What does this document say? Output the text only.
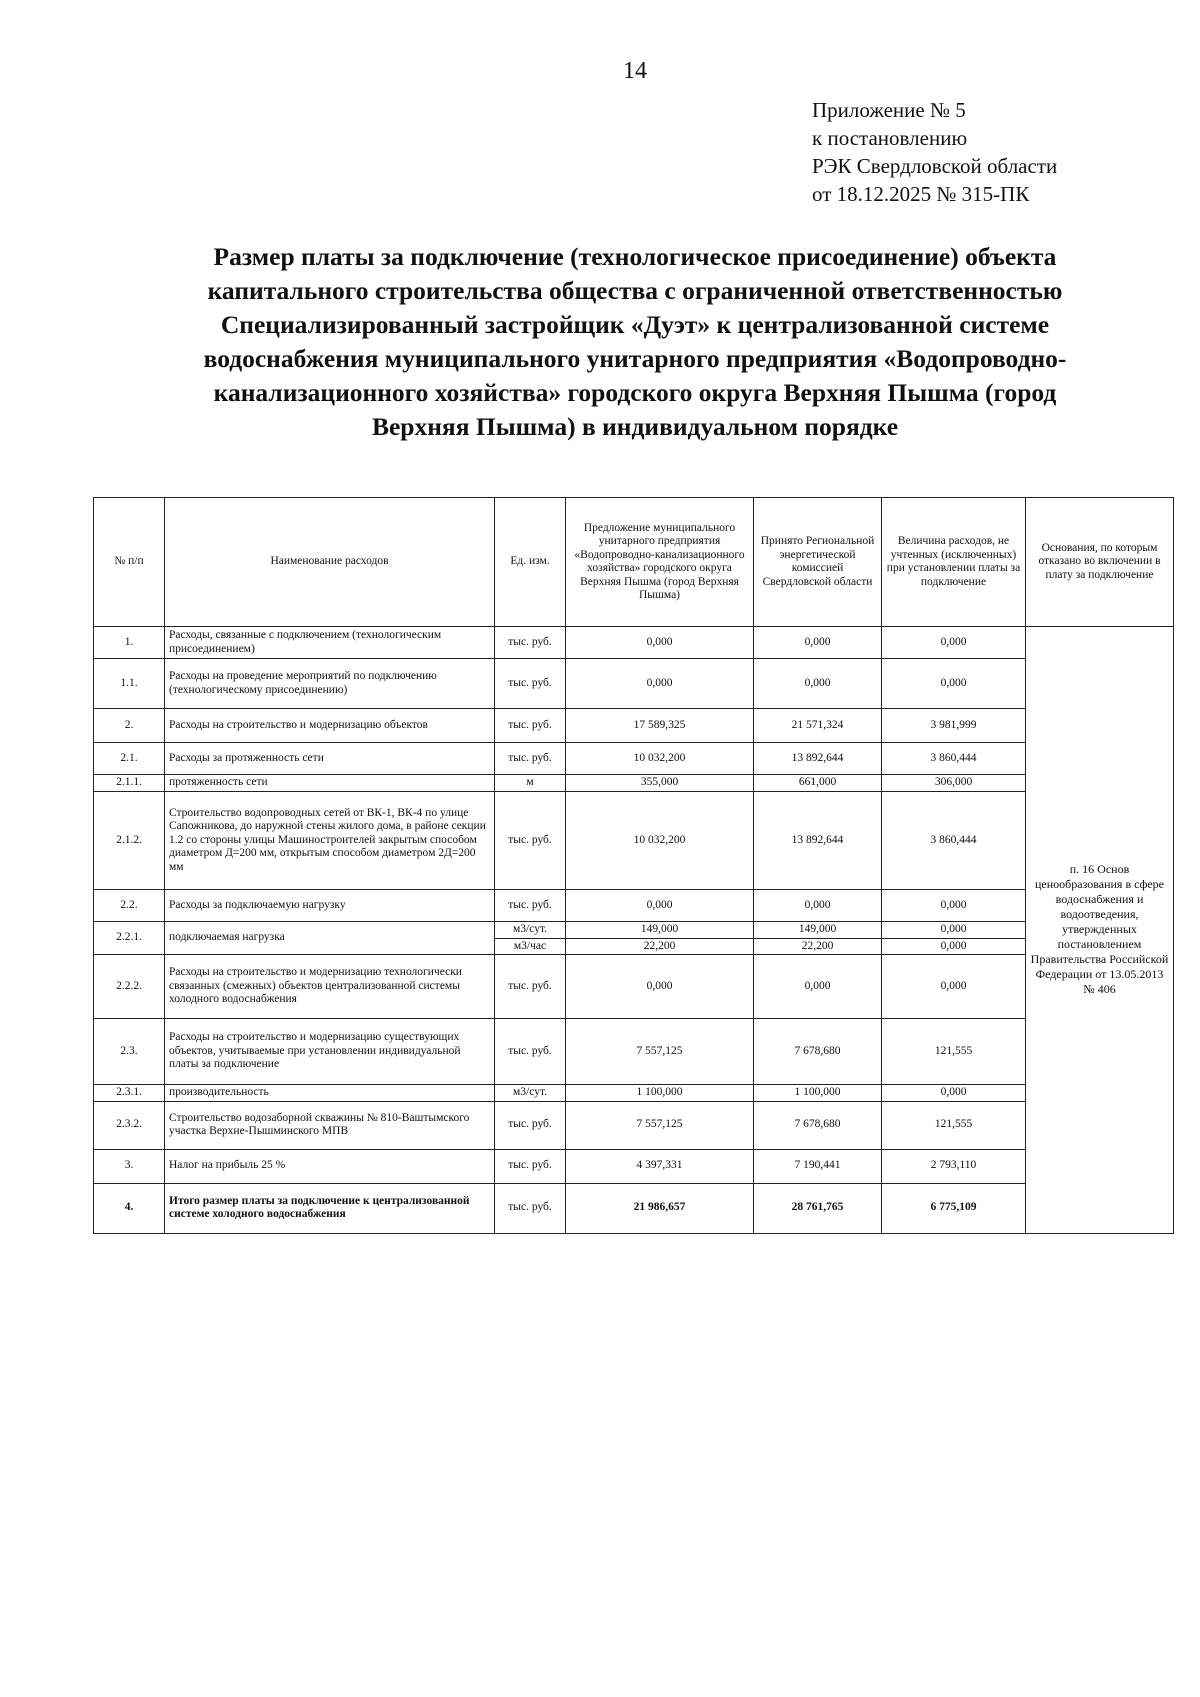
14
Приложение № 5
к постановлению
РЭК Свердловской области
от 18.12.2025 № 315-ПК
Размер платы за подключение (технологическое присоединение) объекта
капитального строительства общества с ограниченной ответственностью
Специализированный застройщик «Дуэт» к централизованной системе
водоснабжения муниципального унитарного предприятия «Водопроводно-
канализационного хозяйства» городского округа Верхняя Пышма (город
Верхняя Пышма) в индивидуальном порядке
№ п/п	Наименование расходов	Ед. изм.	Предложение муниципального унитарного предприятия «Водопроводно-канализационного хозяйства» городского округа Верхняя Пышма (город Верхняя Пышма)	Принято Региональной энергетической комиссией Свердловской области	Величина расходов, не учтенных (исключенных) при установлении платы за подключение	Основания, по которым отказано во включении в плату за подключение
1.	Расходы, связанные с подключением (технологическим присоединением)	тыс. руб.	0,000	0,000	0,000	п. 16 Основ ценообразования в сфере водоснабжения и водоотведения, утвержденных постановлением Правительства Российской Федерации от 13.05.2013 № 406
1.1.	Расходы на проведение мероприятий по подключению (технологическому присоединению)	тыс. руб.	0,000	0,000	0,000	
2.	Расходы на строительство и модернизацию объектов	тыс. руб.	17 589,325	21 571,324	3 981,999	
2.1.	Расходы за протяженность сети	тыс. руб.	10 032,200	13 892,644	3 860,444	
2.1.1.	протяженность сети	м	355,000	661,000	306,000	
2.1.2.	Строительство водопроводных сетей от ВК-1, ВК-4 по улице Сапожникова, до наружной стены жилого дома, в районе секции 1.2 со стороны улицы Машиностроителей закрытым способом диаметром Д=200 мм, открытым способом диаметром 2Д=200 мм	тыс. руб.	10 032,200	13 892,644	3 860,444	
2.2.	Расходы за подключаемую нагрузку	тыс. руб.	0,000	0,000	0,000	
2.2.1.	подключаемая нагрузка	м3/сут.	149,000	149,000	0,000	
		м3/час	22,200	22,200	0,000	
2.2.2.	Расходы на строительство и модернизацию технологически связанных (смежных) объектов централизованной системы холодного водоснабжения	тыс. руб.	0,000	0,000	0,000	
2.3.	Расходы на строительство и модернизацию существующих объектов, учитываемые при установлении индивидуальной платы за подключение	тыс. руб.	7 557,125	7 678,680	121,555	
2.3.1.	производительность	м3/сут.	1 100,000	1 100,000	0,000	
2.3.2.	Строительство водозаборной скважины № 810-Ваштымского участка Верхне-Пышминского МПВ	тыс. руб.	7 557,125	7 678,680	121,555	
3.	Налог на прибыль 25 %	тыс. руб.	4 397,331	7 190,441	2 793,110	
4.	Итого размер платы за подключение к централизованной системе холодного водоснабжения	тыс. руб.	21 986,657	28 761,765	6 775,109	
